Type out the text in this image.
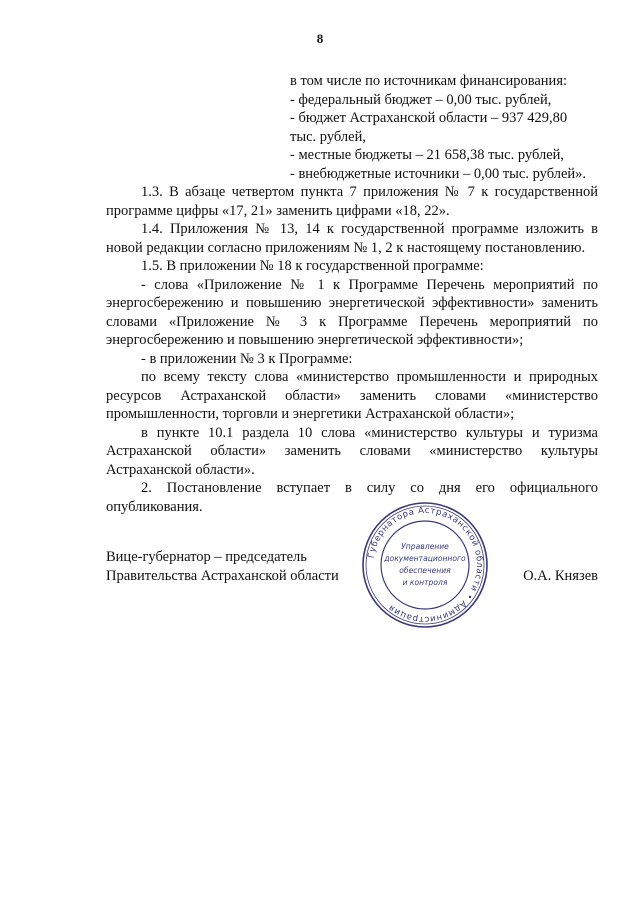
8
в том числе по источникам финансирования:
- федеральный бюджет – 0,00 тыс. рублей,
- бюджет Астраханской области – 937 429,80
тыс. рублей,
- местные бюджеты – 21 658,38 тыс. рублей,
- внебюджетные источники – 0,00 тыс. рублей».

1.3. В абзаце четвертом пункта 7 приложения № 7 к государственной программе цифры «17, 21» заменить цифрами «18, 22».

1.4. Приложения № 13, 14 к государственной программе изложить в новой редакции согласно приложениям № 1, 2 к настоящему постановлению.

1.5. В приложении № 18 к государственной программе:

- слова «Приложение № 1 к Программе Перечень мероприятий по энергосбережению и повышению энергетической эффективности» заменить словами «Приложение № 3 к Программе Перечень мероприятий по энергосбережению и повышению энергетической эффективности»;

- в приложении № 3 к Программе:

по всему тексту слова «министерство промышленности и природных ресурсов Астраханской области» заменить словами «министерство промышленности, торговли и энергетики Астраханской области»;

в пункте 10.1 раздела 10 слова «министерство культуры и туризма Астраханской области» заменить словами «министерство культуры Астраханской области».

2. Постановление вступает в силу со дня его официального опубликования.

Вице-губернатор – председатель
Правительства Астраханской области	О.А. Князев
Губернатора Астраханской области • Администрация
Управление
документационного
обеспечения
и контроля
